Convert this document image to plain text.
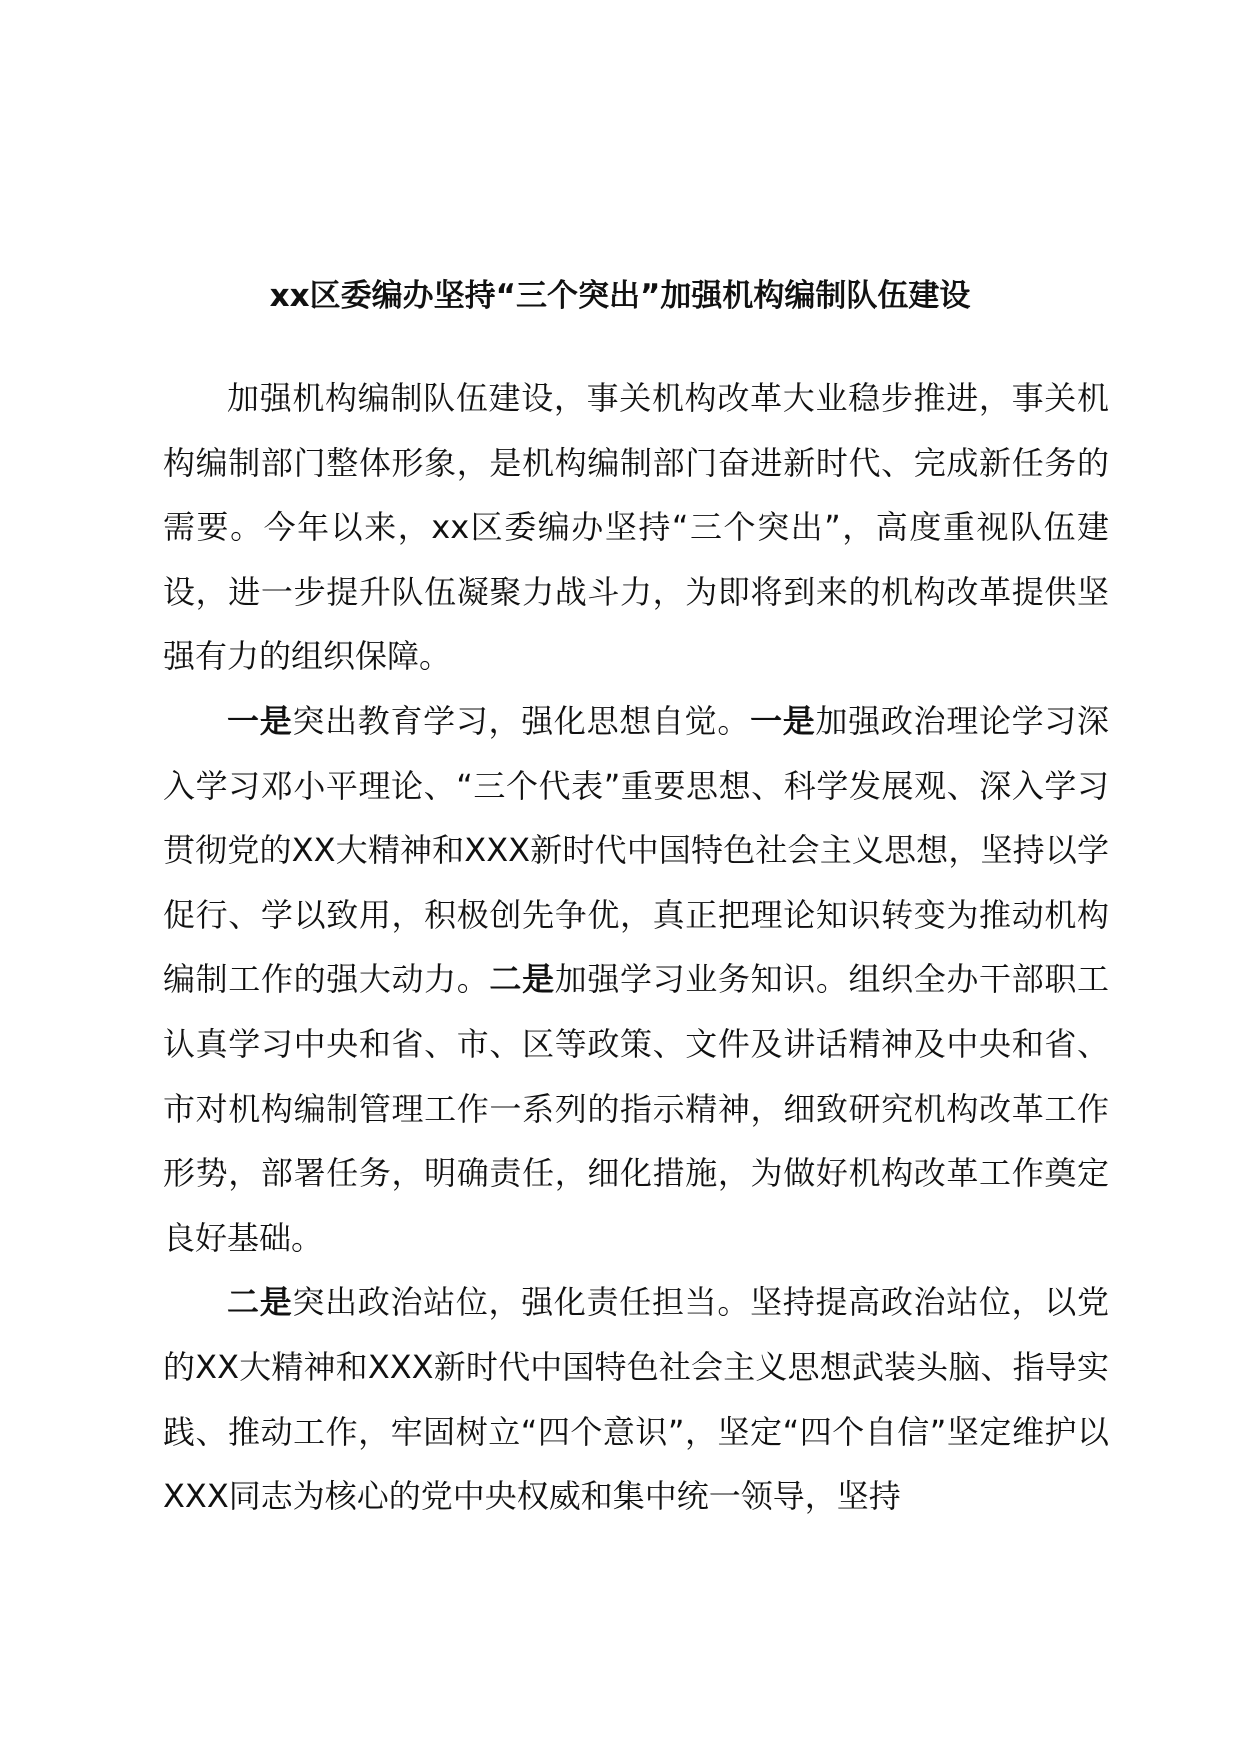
xx区委编办坚持“三个突出”加强机构编制队伍建设

加强机构编制队伍建设，事关机构改革大业稳步推进，事关机构编制部门整体形象，是机构编制部门奋进新时代、完成新任务的需要。今年以来，xx区委编办坚持“三个突出”，高度重视队伍建设，进一步提升队伍凝聚力战斗力，为即将到来的机构改革提供坚强有力的组织保障。

一是突出教育学习，强化思想自觉。一是加强政治理论学习深入学习邓小平理论、“三个代表”重要思想、科学发展观、深入学习贯彻党的XX大精神和XXX新时代中国特色社会主义思想，坚持以学促行、学以致用，积极创先争优，真正把理论知识转变为推动机构编制工作的强大动力。二是加强学习业务知识。组织全办干部职工认真学习中央和省、市、区等政策、文件及讲话精神及中央和省、市对机构编制管理工作一系列的指示精神，细致研究机构改革工作形势，部署任务，明确责任，细化措施，为做好机构改革工作奠定良好基础。

二是突出政治站位，强化责任担当。坚持提高政治站位，以党的XX大精神和XXX新时代中国特色社会主义思想武装头脑、指导实践、推动工作，牢固树立“四个意识”，坚定“四个自信”坚定维护以XXX同志为核心的党中央权威和集中统一领导，坚持
